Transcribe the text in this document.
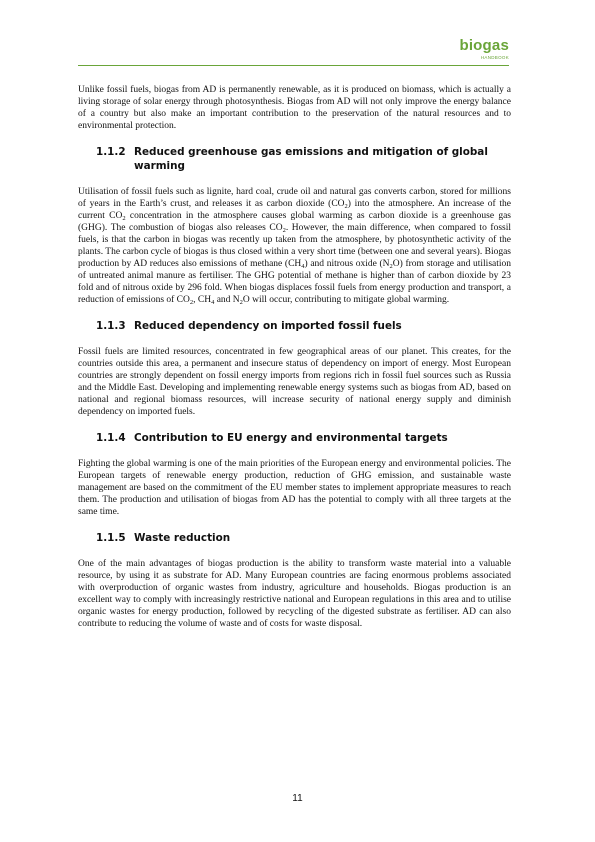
biogas
HANDBOOK

Unlike fossil fuels, biogas from AD is permanently renewable, as it is produced on biomass, which is actually a living storage of solar energy through photosynthesis. Biogas from AD will not only improve the energy balance of a country but also make an important contribution to the preservation of the natural resources and to environmental protection.

1.1.2 Reduced greenhouse gas emissions and mitigation of global warming

Utilisation of fossil fuels such as lignite, hard coal, crude oil and natural gas converts carbon, stored for millions of years in the Earth’s crust, and releases it as carbon dioxide $(CO_2)$ into the atmosphere. An increase of the current $CO_2$ concentration in the atmosphere causes global warming as carbon dioxide is a greenhouse gas (GHG). The combustion of biogas also releases $CO_2$. However, the main difference, when compared to fossil fuels, is that the carbon in biogas was recently up taken from the atmosphere, by photosynthetic activity of the plants. The carbon cycle of biogas is thus closed within a very short time (between one and several years). Biogas production by AD reduces also emissions of methane $(CH_4)$ and nitrous oxide $(N_2O)$ from storage and utilisation of untreated animal manure as fertiliser. The GHG potential of methane is higher than of carbon dioxide by 23 fold and of nitrous oxide by 296 fold. When biogas displaces fossil fuels from energy production and transport, a reduction of emissions of $CO_2$, $CH_4$ and $N_2O$ will occur, contributing to mitigate global warming.

1.1.3 Reduced dependency on imported fossil fuels

Fossil fuels are limited resources, concentrated in few geographical areas of our planet. This creates, for the countries outside this area, a permanent and insecure status of dependency on import of energy. Most European countries are strongly dependent on fossil energy imports from regions rich in fossil fuel sources such as Russia and the Middle East. Developing and implementing renewable energy systems such as biogas from AD, based on national and regional biomass resources, will increase security of national energy supply and diminish dependency on imported fuels.

1.1.4 Contribution to EU energy and environmental targets

Fighting the global warming is one of the main priorities of the European energy and environmental policies. The European targets of renewable energy production, reduction of GHG emission, and sustainable waste management are based on the commitment of the EU member states to implement appropriate measures to reach them. The production and utilisation of biogas from AD has the potential to comply with all three targets at the same time.

1.1.5 Waste reduction

One of the main advantages of biogas production is the ability to transform waste material into a valuable resource, by using it as substrate for AD. Many European countries are facing enormous problems associated with overproduction of organic wastes from industry, agriculture and households. Biogas production is an excellent way to comply with increasingly restrictive national and European regulations in this area and to utilise organic wastes for energy production, followed by recycling of the digested substrate as fertiliser. AD can also contribute to reducing the volume of waste and of costs for waste disposal.

11
